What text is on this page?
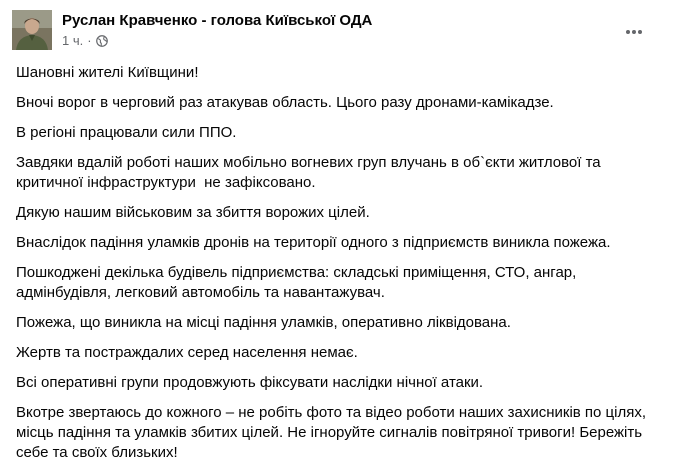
Руслан Кравченко - голова Київської ОДА
1 ч. ·

Шановні жителі Київщини!

Вночі ворог в черговий раз атакував область. Цього разу дронами-камікадзе.

В регіоні працювали сили ППО.

Завдяки вдалій роботі наших мобільно вогневих груп влучань в об`єкти житлової та
критичної інфраструктури  не зафіксовано.

Дякую нашим військовим за збиття ворожих цілей.

Внаслідок падіння уламків дронів на території одного з підприємств виникла пожежа.

Пошкоджені декілька будівель підприємства: складські приміщення, СТО, ангар,
адмінбудівля, легковий автомобіль та навантажувач.

Пожежа, що виникла на місці падіння уламків, оперативно ліквідована.

Жертв та постраждалих серед населення немає.

Всі оперативні групи продовжують фіксувати наслідки нічної атаки.

Вкотре звертаюсь до кожного – не робіть фото та відео роботи наших захисників по цілях,
місць падіння та уламків збитих цілей. Не ігноруйте сигналів повітряної тривоги! Бережіть
себе та своїх близьких!
